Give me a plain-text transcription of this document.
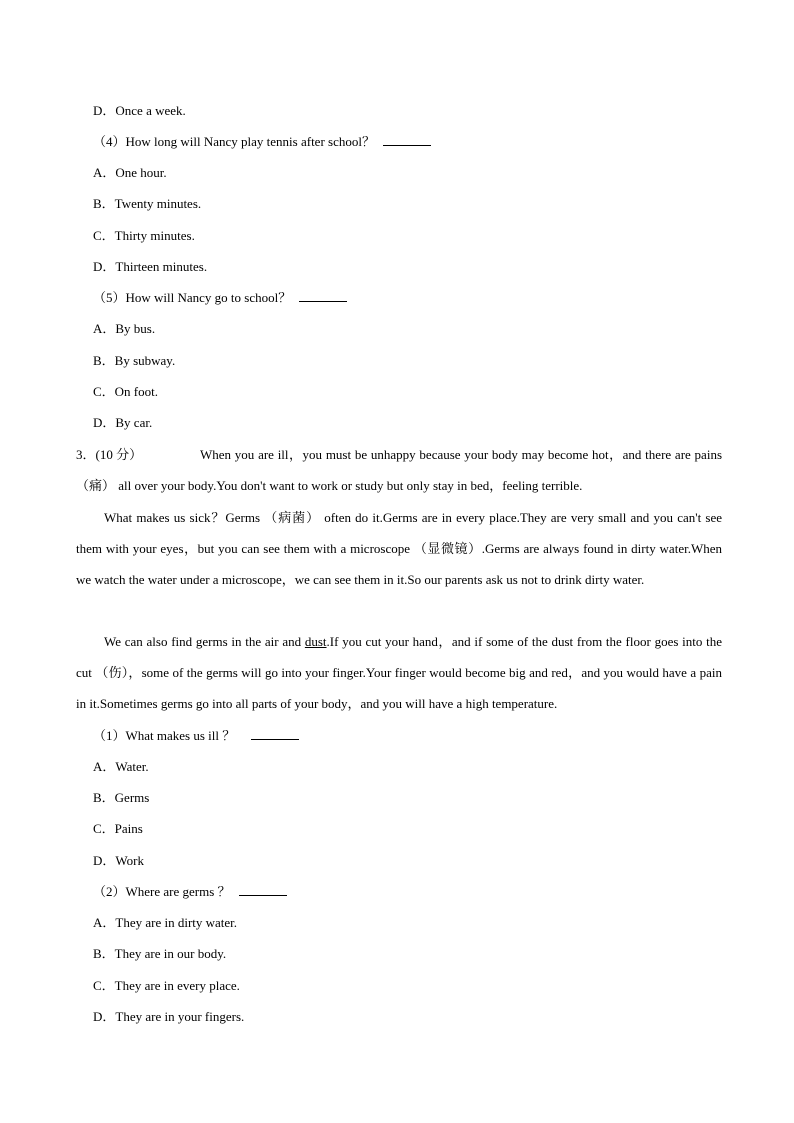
D．Once a week.
（4）How long will Nancy play tennis after school？
A．One hour.
B．Twenty minutes.
C．Thirty minutes.
D．Thirteen minutes.
（5）How will Nancy go to school？
A．By bus.
B．By subway.
C．On foot.
D．By car.
3．(10 分）	When you are ill，you must be unhappy because your body may become hot，and there are pains （痛） all over your body.You don't want to work or study but only stay in bed，feeling terrible.
What makes us sick？Germs （病菌） often do it.Germs are in every place.They are very small and you can't see them with your eyes，but you can see them with a microscope （显微镜）.Germs are always found in dirty water.When we watch the water under a microscope，we can see them in it.So our parents ask us not to drink dirty water.
We can also find germs in the air and dust.If you cut your hand，and if some of the dust from the floor goes into the cut （伤），some of the germs will go into your finger.Your finger would become big and red，and you would have a pain in it.Sometimes germs go into all parts of your body，and you will have a high temperature.
（1）What makes us ill ？
A．Water.
B．Germs
C．Pains
D．Work
（2）Where are germs ？
A．They are in dirty water.
B．They are in our body.
C．They are in every place.
D．They are in your fingers.
